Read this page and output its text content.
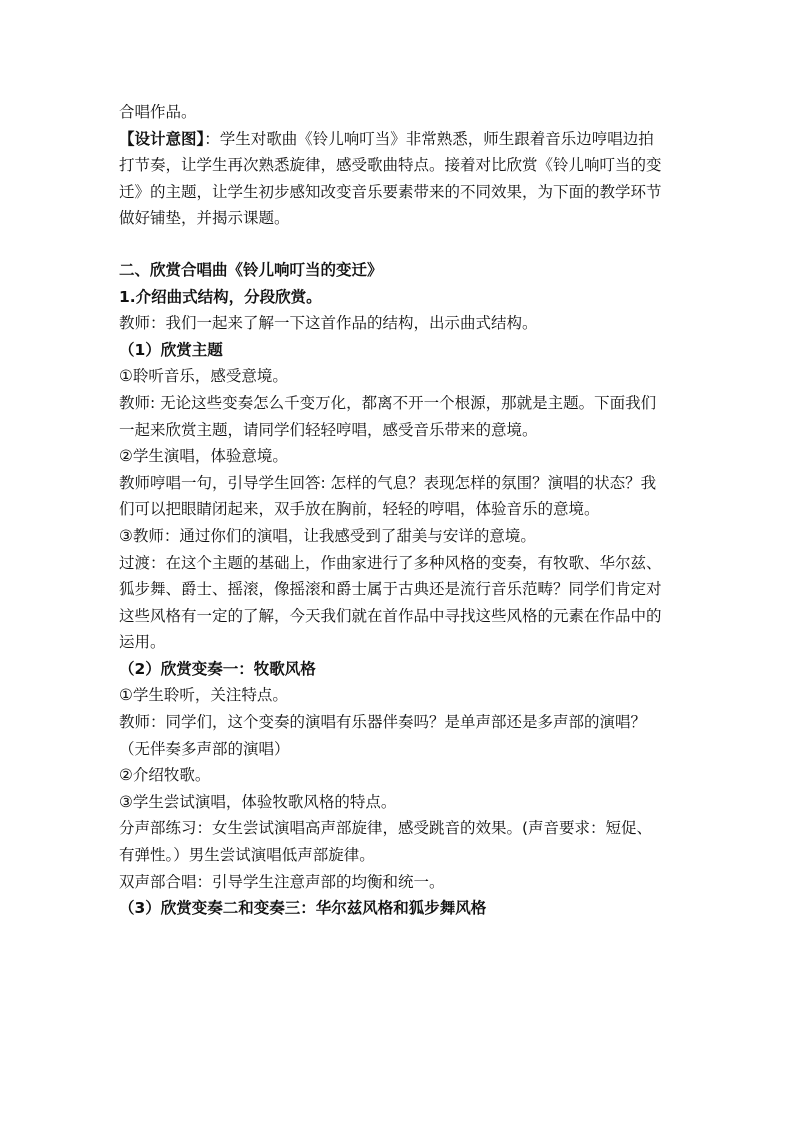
合唱作品。
【设计意图】：学生对歌曲《铃儿响叮当》非常熟悉，师生跟着音乐边哼唱边拍
打节奏，让学生再次熟悉旋律，感受歌曲特点。接着对比欣赏《铃儿响叮当的变
迁》的主题，让学生初步感知改变音乐要素带来的不同效果，为下面的教学环节
做好铺垫，并揭示课题。
二、欣赏合唱曲《铃儿响叮当的变迁》
1.介绍曲式结构，分段欣赏。
教师：我们一起来了解一下这首作品的结构，出示曲式结构。
（1）欣赏主题
①聆听音乐，感受意境。
教师: 无论这些变奏怎么千变万化，都离不开一个根源，那就是主题。下面我们
一起来欣赏主题，请同学们轻轻哼唱，感受音乐带来的意境。
②学生演唱，体验意境。
教师哼唱一句，引导学生回答: 怎样的气息？表现怎样的氛围？演唱的状态？我
们可以把眼睛闭起来，双手放在胸前，轻轻的哼唱，体验音乐的意境。
③教师：通过你们的演唱，让我感受到了甜美与安详的意境。
过渡：在这个主题的基础上，作曲家进行了多种风格的变奏，有牧歌、华尔兹、
狐步舞、爵士、摇滚，像摇滚和爵士属于古典还是流行音乐范畴？同学们肯定对
这些风格有一定的了解，今天我们就在首作品中寻找这些风格的元素在作品中的
运用。
（2）欣赏变奏一：牧歌风格
①学生聆听，关注特点。
教师：同学们，这个变奏的演唱有乐器伴奏吗？是单声部还是多声部的演唱？
（无伴奏多声部的演唱）
②介绍牧歌。
③学生尝试演唱，体验牧歌风格的特点。
分声部练习：女生尝试演唱高声部旋律，感受跳音的效果。(声音要求：短促、
有弹性。）男生尝试演唱低声部旋律。
双声部合唱：引导学生注意声部的均衡和统一。
（3）欣赏变奏二和变奏三：华尔兹风格和狐步舞风格
